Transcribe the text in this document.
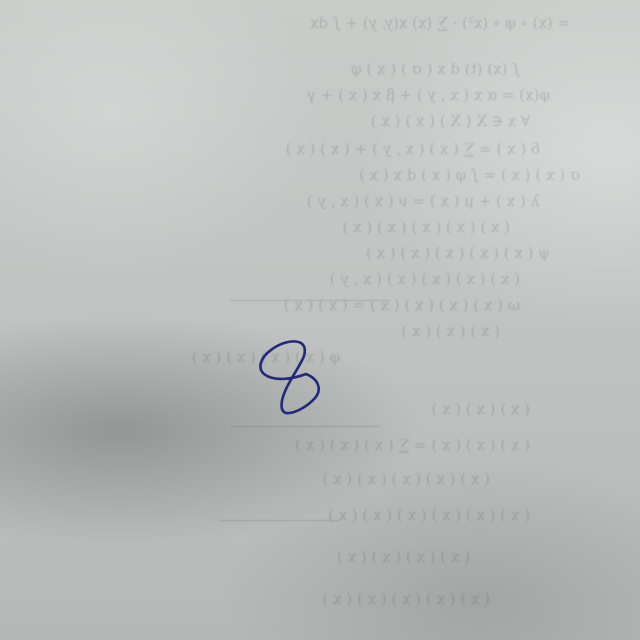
= (x) ∘ φ ∘ (x²) · ∑ (x) x(y, y) + ∫ dx
∫ (x) (t) d x ( σ ) ( x ) φ
φ(x) = α x ( x , y ) + β x ( x ) + γ
∀ x ∈ X ( X ) ( x ) ( x )
δ ( x ) = ∑ ( x ) ( x , y ) + ( x ) ( x )
σ ( x ) ( x ) = ∫ φ ( x ) d x ( x )
λ ( x ) + μ ( x ) = ν ( x ) ( x , y )
( x ) ( x ) ( x ) ( x ) ( x )
ψ ( x ) ( x ) ( x ) ( x ) ( x )
( x ) ( x ) ( x ) ( x ) ( x , y )
ω ( x ) ( x ) ( x ) ( x ) = ( x ) ( x )
( x ) ( x ) ( x )
φ ( x ) ( x ) ( x ) ( x )
( x ) ( x ) ( x )
( x ) ( x ) ( x ) = ∑ ( x ) ( x ) ( x )
( x ) ( x ) ( x ) ( x ) ( x )
( x ) ( x ) ( x ) ( x ) ( x ) ( x )
( x ) ( x ) ( x ) ( x )
( x ) ( x ) ( x ) ( x ) ( x )
8
